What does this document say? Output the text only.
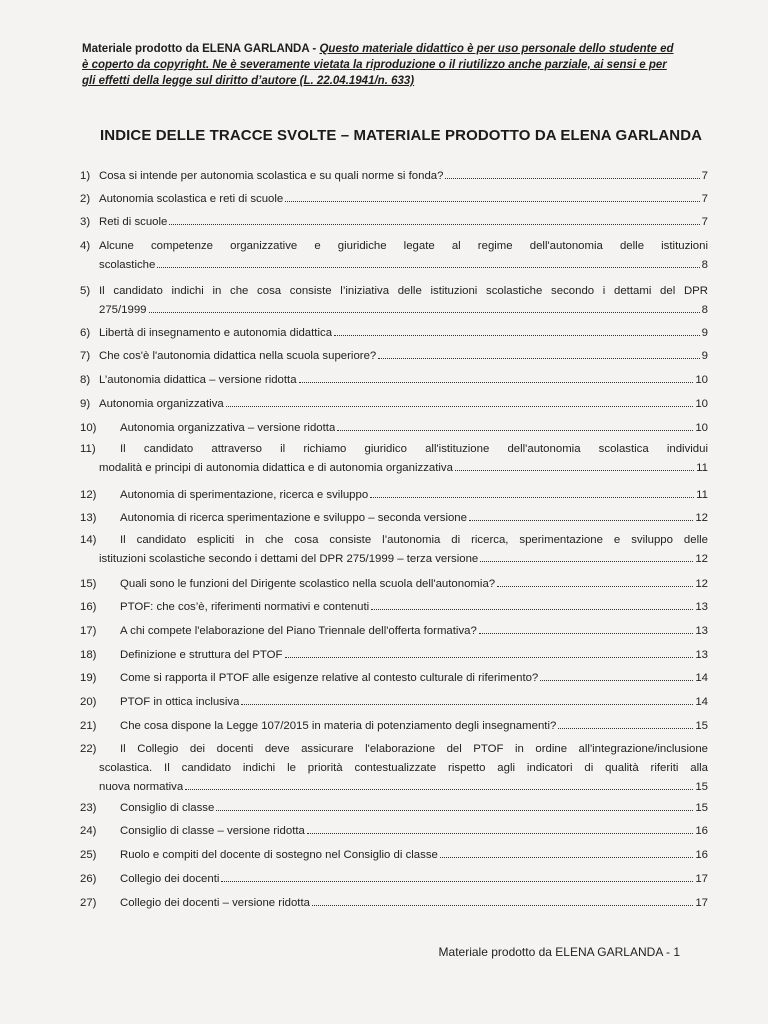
Materiale prodotto da ELENA GARLANDA - Questo materiale didattico è per uso personale dello studente ed è coperto da copyright. Ne è severamente vietata la riproduzione o il riutilizzo anche parziale, ai sensi e per gli effetti della legge sul diritto d’autore (L. 22.04.1941/n. 633)
INDICE DELLE TRACCE SVOLTE – MATERIALE PRODOTTO DA ELENA GARLANDA
1) Cosa si intende per autonomia scolastica e su quali norme si fonda?	7
2) Autonomia scolastica e reti di scuole	7
3) Reti di scuole	7
4) Alcune competenze organizzative e giuridiche legate al regime dell'autonomia delle istituzioni
scolastiche	8
5) Il candidato indichi in che cosa consiste l’iniziativa delle istituzioni scolastiche secondo i dettami del DPR
275/1999	8
6) Libertà di insegnamento e autonomia didattica	9
7) Che cos'è l'autonomia didattica nella scuola superiore?	9
8) L’autonomia didattica – versione ridotta	10
9) Autonomia organizzativa	10
10)	Autonomia organizzativa – versione ridotta	10
11)	Il candidato attraverso il richiamo giuridico all'istituzione dell'autonomia scolastica individui
modalità e principi di autonomia didattica e di autonomia organizzativa	11
12)	Autonomia di sperimentazione, ricerca e sviluppo	11
13)	Autonomia di ricerca sperimentazione e sviluppo – seconda versione	12
14)	Il candidato espliciti in che cosa consiste l’autonomia di ricerca, sperimentazione e sviluppo delle
istituzioni scolastiche secondo i dettami del DPR 275/1999 – terza versione	12
15)	Quali sono le funzioni del Dirigente scolastico nella scuola dell'autonomia?	12
16)	PTOF: che cos’è, riferimenti normativi e contenuti	13
17)	A chi compete l'elaborazione del Piano Triennale dell'offerta formativa?	13
18)	Definizione e struttura del PTOF	13
19)	Come si rapporta il PTOF alle esigenze relative al contesto culturale di riferimento?	14
20)	PTOF in ottica inclusiva	14
21)	Che cosa dispone la Legge 107/2015 in materia di potenziamento degli insegnamenti?	15
22)	Il Collegio dei docenti deve assicurare l'elaborazione del PTOF in ordine all'integrazione/inclusione
scolastica. Il candidato indichi le priorità contestualizzate rispetto agli indicatori di qualità riferiti alla
nuova normativa	15
23)	Consiglio di classe	15
24)	Consiglio di classe – versione ridotta	16
25)	Ruolo e compiti del docente di sostegno nel Consiglio di classe	16
26)	Collegio dei docenti	17
27)	Collegio dei docenti – versione ridotta	17
Materiale prodotto da ELENA GARLANDA - 1
